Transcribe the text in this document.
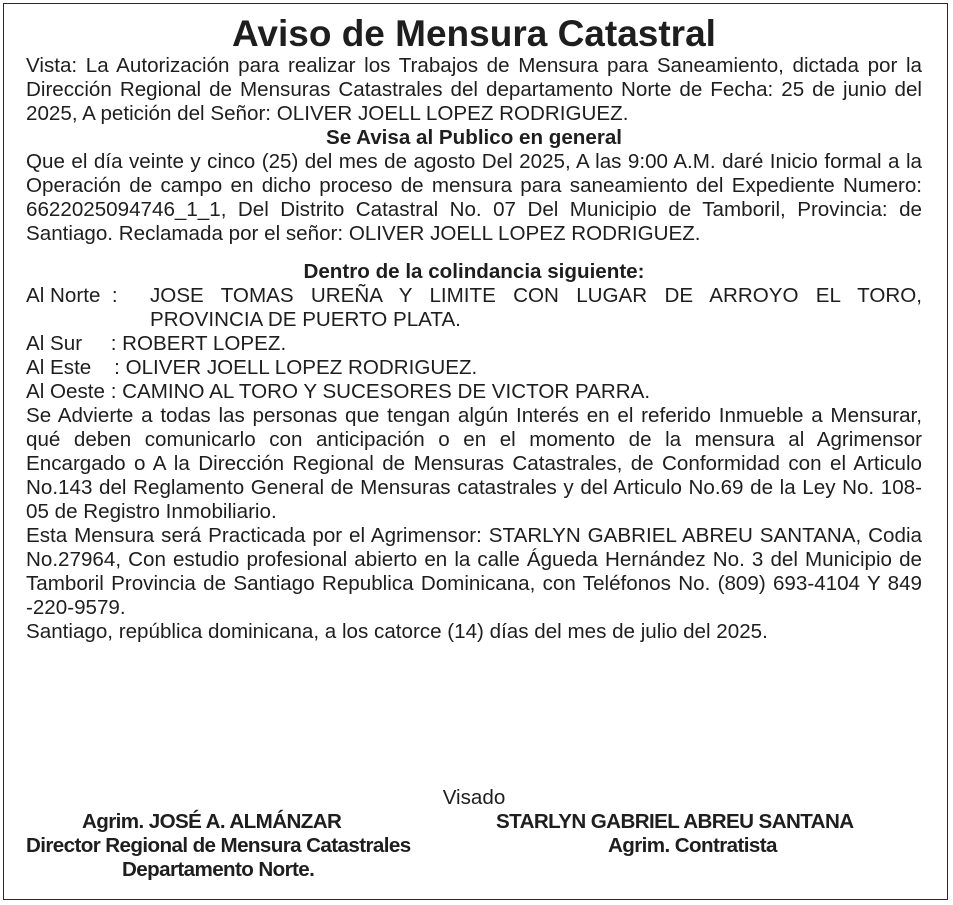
Aviso de Mensura Catastral

Vista: La Autorización para realizar los Trabajos de Mensura para Saneamiento, dictada por la Dirección Regional de Mensuras Catastrales del departamento Norte de Fecha: 25 de junio del 2025, A petición del Señor: OLIVER JOELL LOPEZ RODRIGUEZ.

Se Avisa al Publico en general

Que el día veinte y cinco (25) del mes de agosto Del 2025, A las 9:00 A.M. daré Inicio formal a la Operación de campo en dicho proceso de mensura para saneamiento del Expediente Numero: 6622025094746_1_1, Del Distrito Catastral No. 07 Del Municipio de Tamboril, Provincia: de Santiago. Reclamada por el señor: OLIVER JOELL LOPEZ RODRIGUEZ.

Dentro de la colindancia siguiente:

Al Norte  :	JOSE TOMAS UREÑA Y LIMITE CON LUGAR DE ARROYO EL TORO, PROVINCIA DE PUERTO PLATA.
Al Sur     : ROBERT LOPEZ.
Al Este    : OLIVER JOELL LOPEZ RODRIGUEZ.
Al Oeste : CAMINO AL TORO Y SUCESORES DE VICTOR PARRA.

Se Advierte a todas las personas que tengan algún Interés en el referido Inmueble a Mensurar, qué deben comunicarlo con anticipación o en el momento de la mensura al Agrimensor Encargado o A la Dirección Regional de Mensuras Catastrales, de Conformidad con el Articulo No.143 del Reglamento General de Mensuras catastrales y del Articulo No.69 de la Ley No. 108-05 de Registro Inmobiliario.

Esta Mensura será Practicada por el Agrimensor: STARLYN GABRIEL ABREU SANTANA, Codia No.27964, Con estudio profesional abierto en la calle Águeda Hernández No. 3 del Municipio de Tamboril Provincia de Santiago Republica Dominicana, con Teléfonos No. (809) 693-4104 Y 849 -220-9579.

Santiago, república dominicana, a los catorce (14) días del mes de julio del 2025.

Visado

Agrim. JOSÉ A. ALMÁNZAR	STARLYN GABRIEL ABREU SANTANA
Director Regional de Mensura Catastrales	Agrim. Contratista
Departamento Norte.
